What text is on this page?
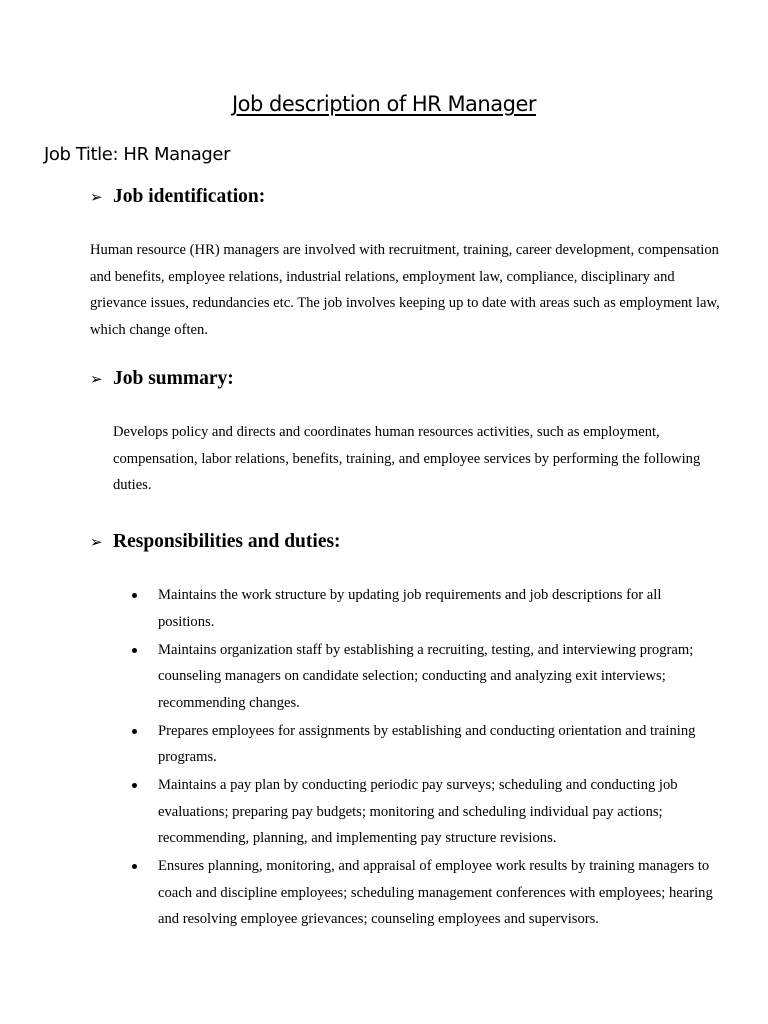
Job description of HR Manager
Job Title: HR Manager
➢ Job identification:

Human resource (HR) managers are involved with recruitment, training, career development, compensation and benefits, employee relations, industrial relations, employment law, compliance, disciplinary and grievance issues, redundancies etc. The job involves keeping up to date with areas such as employment law, which change often.

➢ Job summary:

Develops policy and directs and coordinates human resources activities, such as employment, compensation, labor relations, benefits, training, and employee services by performing the following duties.

➢ Responsibilities and duties:
Maintains the work structure by updating job requirements and job descriptions for all positions.
Maintains organization staff by establishing a recruiting, testing, and interviewing program; counseling managers on candidate selection; conducting and analyzing exit interviews; recommending changes.
Prepares employees for assignments by establishing and conducting orientation and training programs.
Maintains a pay plan by conducting periodic pay surveys; scheduling and conducting job evaluations; preparing pay budgets; monitoring and scheduling individual pay actions; recommending, planning, and implementing pay structure revisions.
Ensures planning, monitoring, and appraisal of employee work results by training managers to coach and discipline employees; scheduling management conferences with employees; hearing and resolving employee grievances; counseling employees and supervisors.
